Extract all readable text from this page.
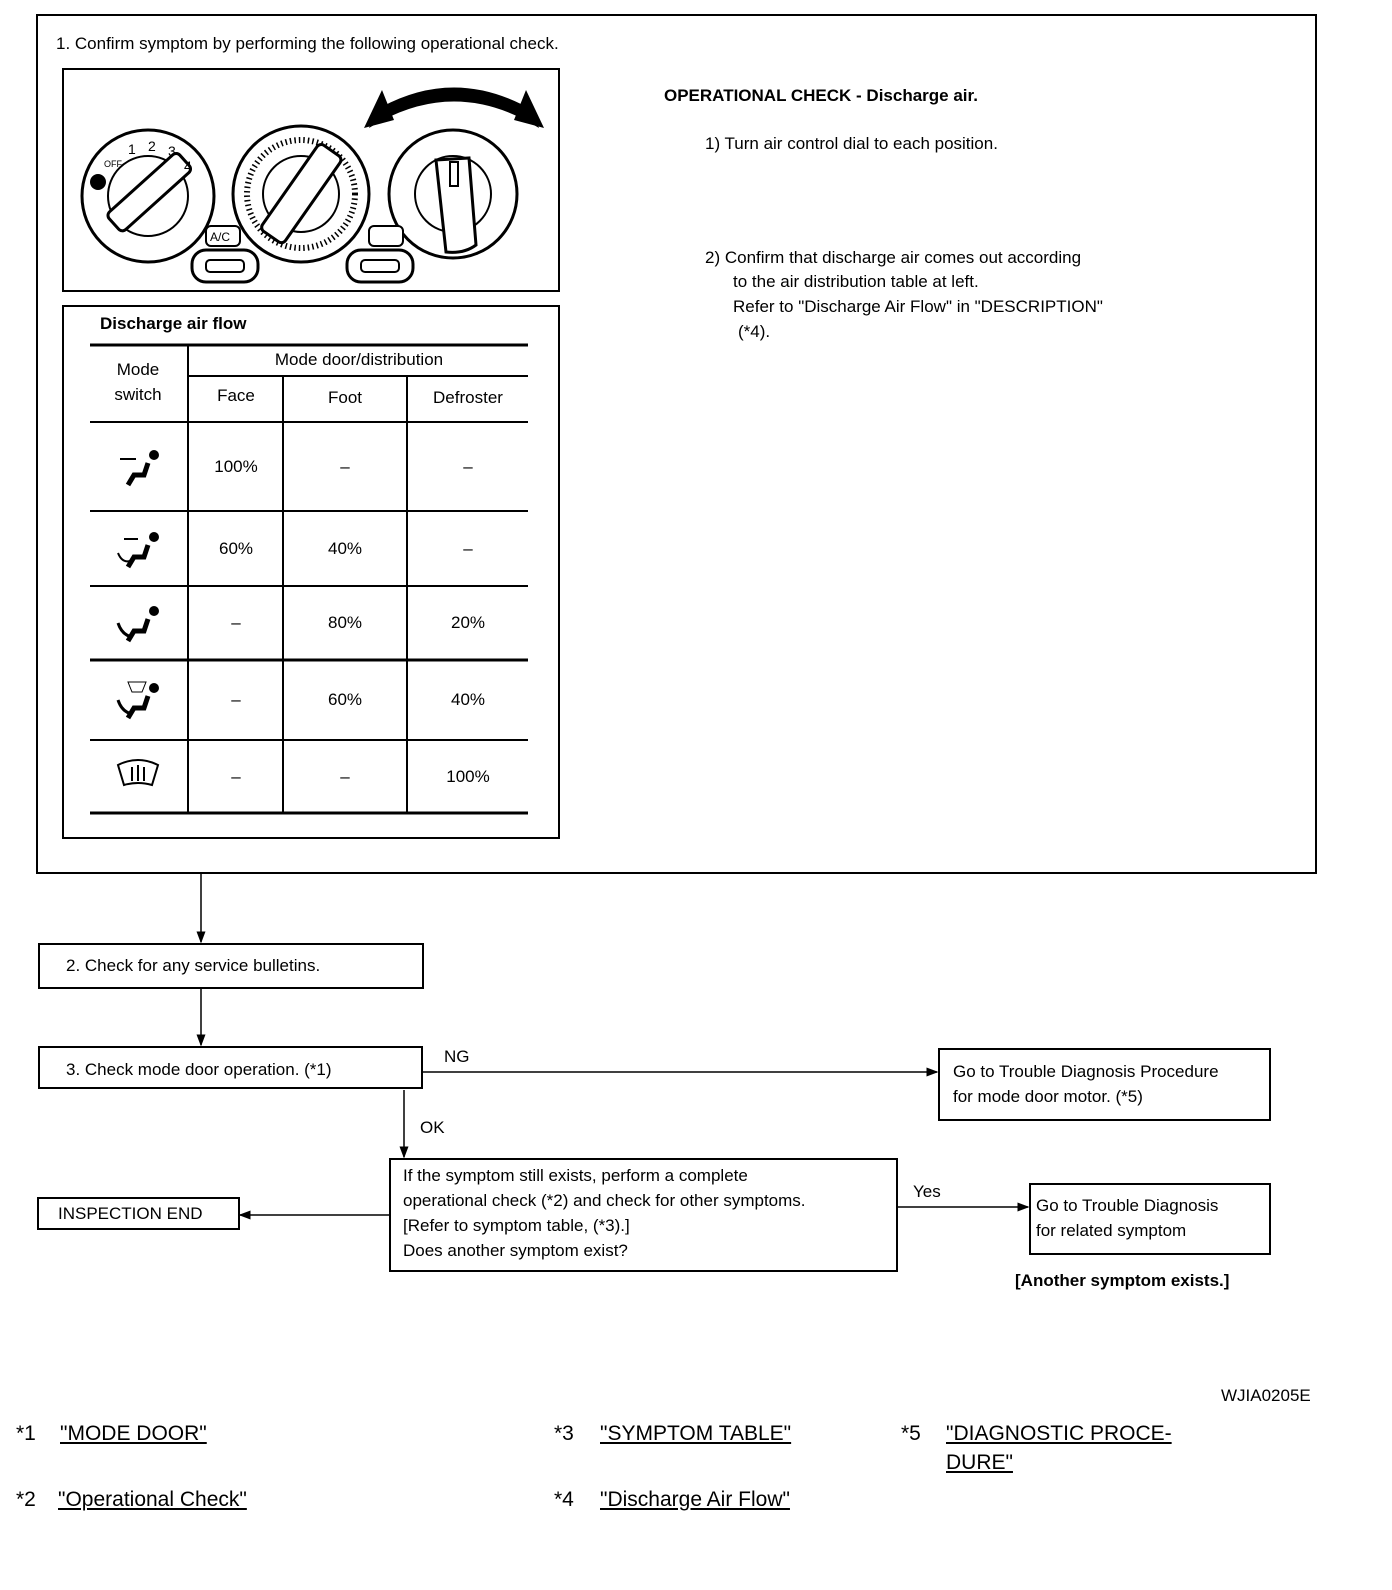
1. Confirm symptom by performing the following operational check.
OFF
1 2 3
4
A/C
OPERATIONAL CHECK - Discharge air.
1) Turn air control dial to each position.
2) Confirm that discharge air comes out according
to the air distribution table at left.
Refer to "Discharge Air Flow" in "DESCRIPTION"
(*4).
Discharge air flow
Mode
switch
Mode door/distribution
Face	Foot	Defroster
100%	–	–
60%	40%	–
–	80%	20%
–	60%	40%
–	–	100%
2. Check for any service bulletins.
3. Check mode door operation. (*1)
NG
OK
Yes
Go to Trouble Diagnosis Procedure
for mode door motor. (*5)
If the symptom still exists, perform a complete
operational check (*2) and check for other symptoms.
[Refer to symptom table, (*3).]
Does another symptom exist?
INSPECTION END	Go to Trouble Diagnosis
for related symptom
[Another symptom exists.]
WJIA0205E
*1 "MODE DOOR"
*2 "Operational Check"
*3 "SYMPTOM TABLE"
*4 "Discharge Air Flow"
*5 "DIAGNOSTIC PROCE-
DURE"
